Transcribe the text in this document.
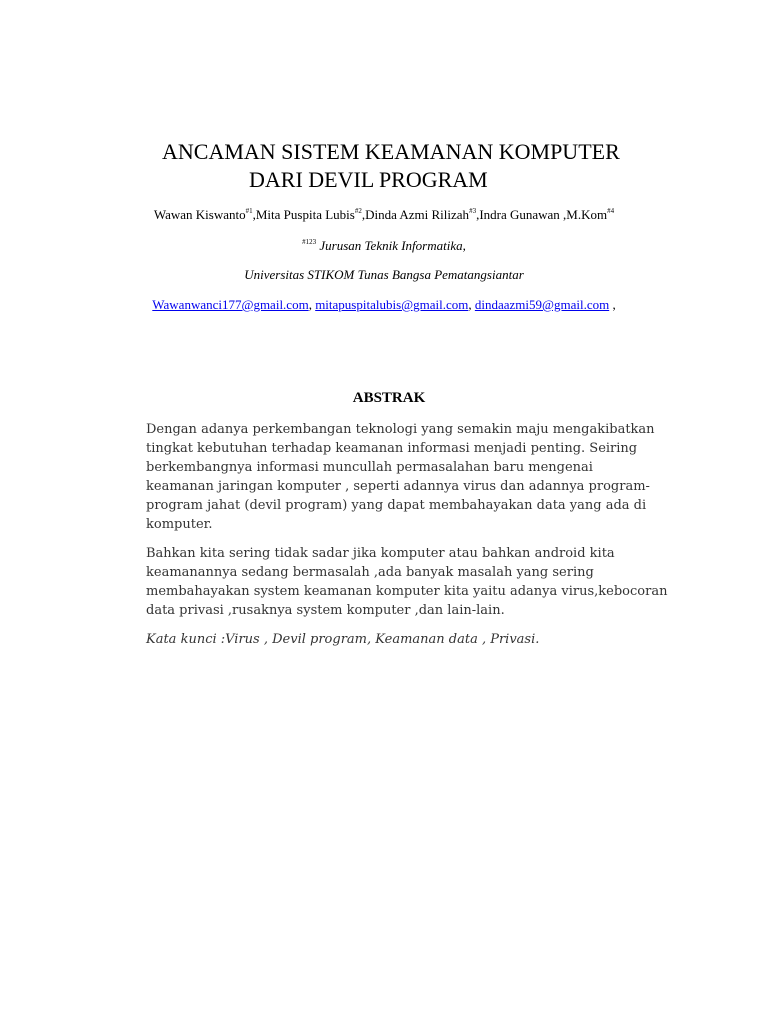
ANCAMAN SISTEM KEAMANAN KOMPUTER
DARI DEVIL PROGRAM
Wawan Kiswanto$^{\#1}$,Mita Puspita Lubis$^{\#2}$,Dinda Azmi Rilizah$^{\#3}$,Indra Gunawan ,M.Kom$^{\#4}$
$^{\#123}$ Jurusan Teknik Informatika,
Universitas STIKOM Tunas Bangsa Pematangsiantar
Wawanwanci177@gmail.com, mitapuspitalubis@gmail.com, dindaazmi59@gmail.com ,
ABSTRAK

Dengan adanya perkembangan teknologi yang semakin maju mengakibatkan
tingkat kebutuhan terhadap keamanan informasi menjadi penting. Seiring
berkembangnya informasi muncullah permasalahan baru mengenai
keamanan jaringan komputer , seperti adannya virus dan adannya program-
program jahat (devil program) yang dapat membahayakan data yang ada di
komputer.

Bahkan kita sering tidak sadar jika komputer atau bahkan android kita
keamanannya sedang bermasalah ,ada banyak masalah yang sering
membahayakan system keamanan komputer kita yaitu adanya virus,kebocoran
data privasi ,rusaknya system komputer ,dan lain-lain.

Kata kunci :Virus , Devil program, Keamanan data , Privasi.
